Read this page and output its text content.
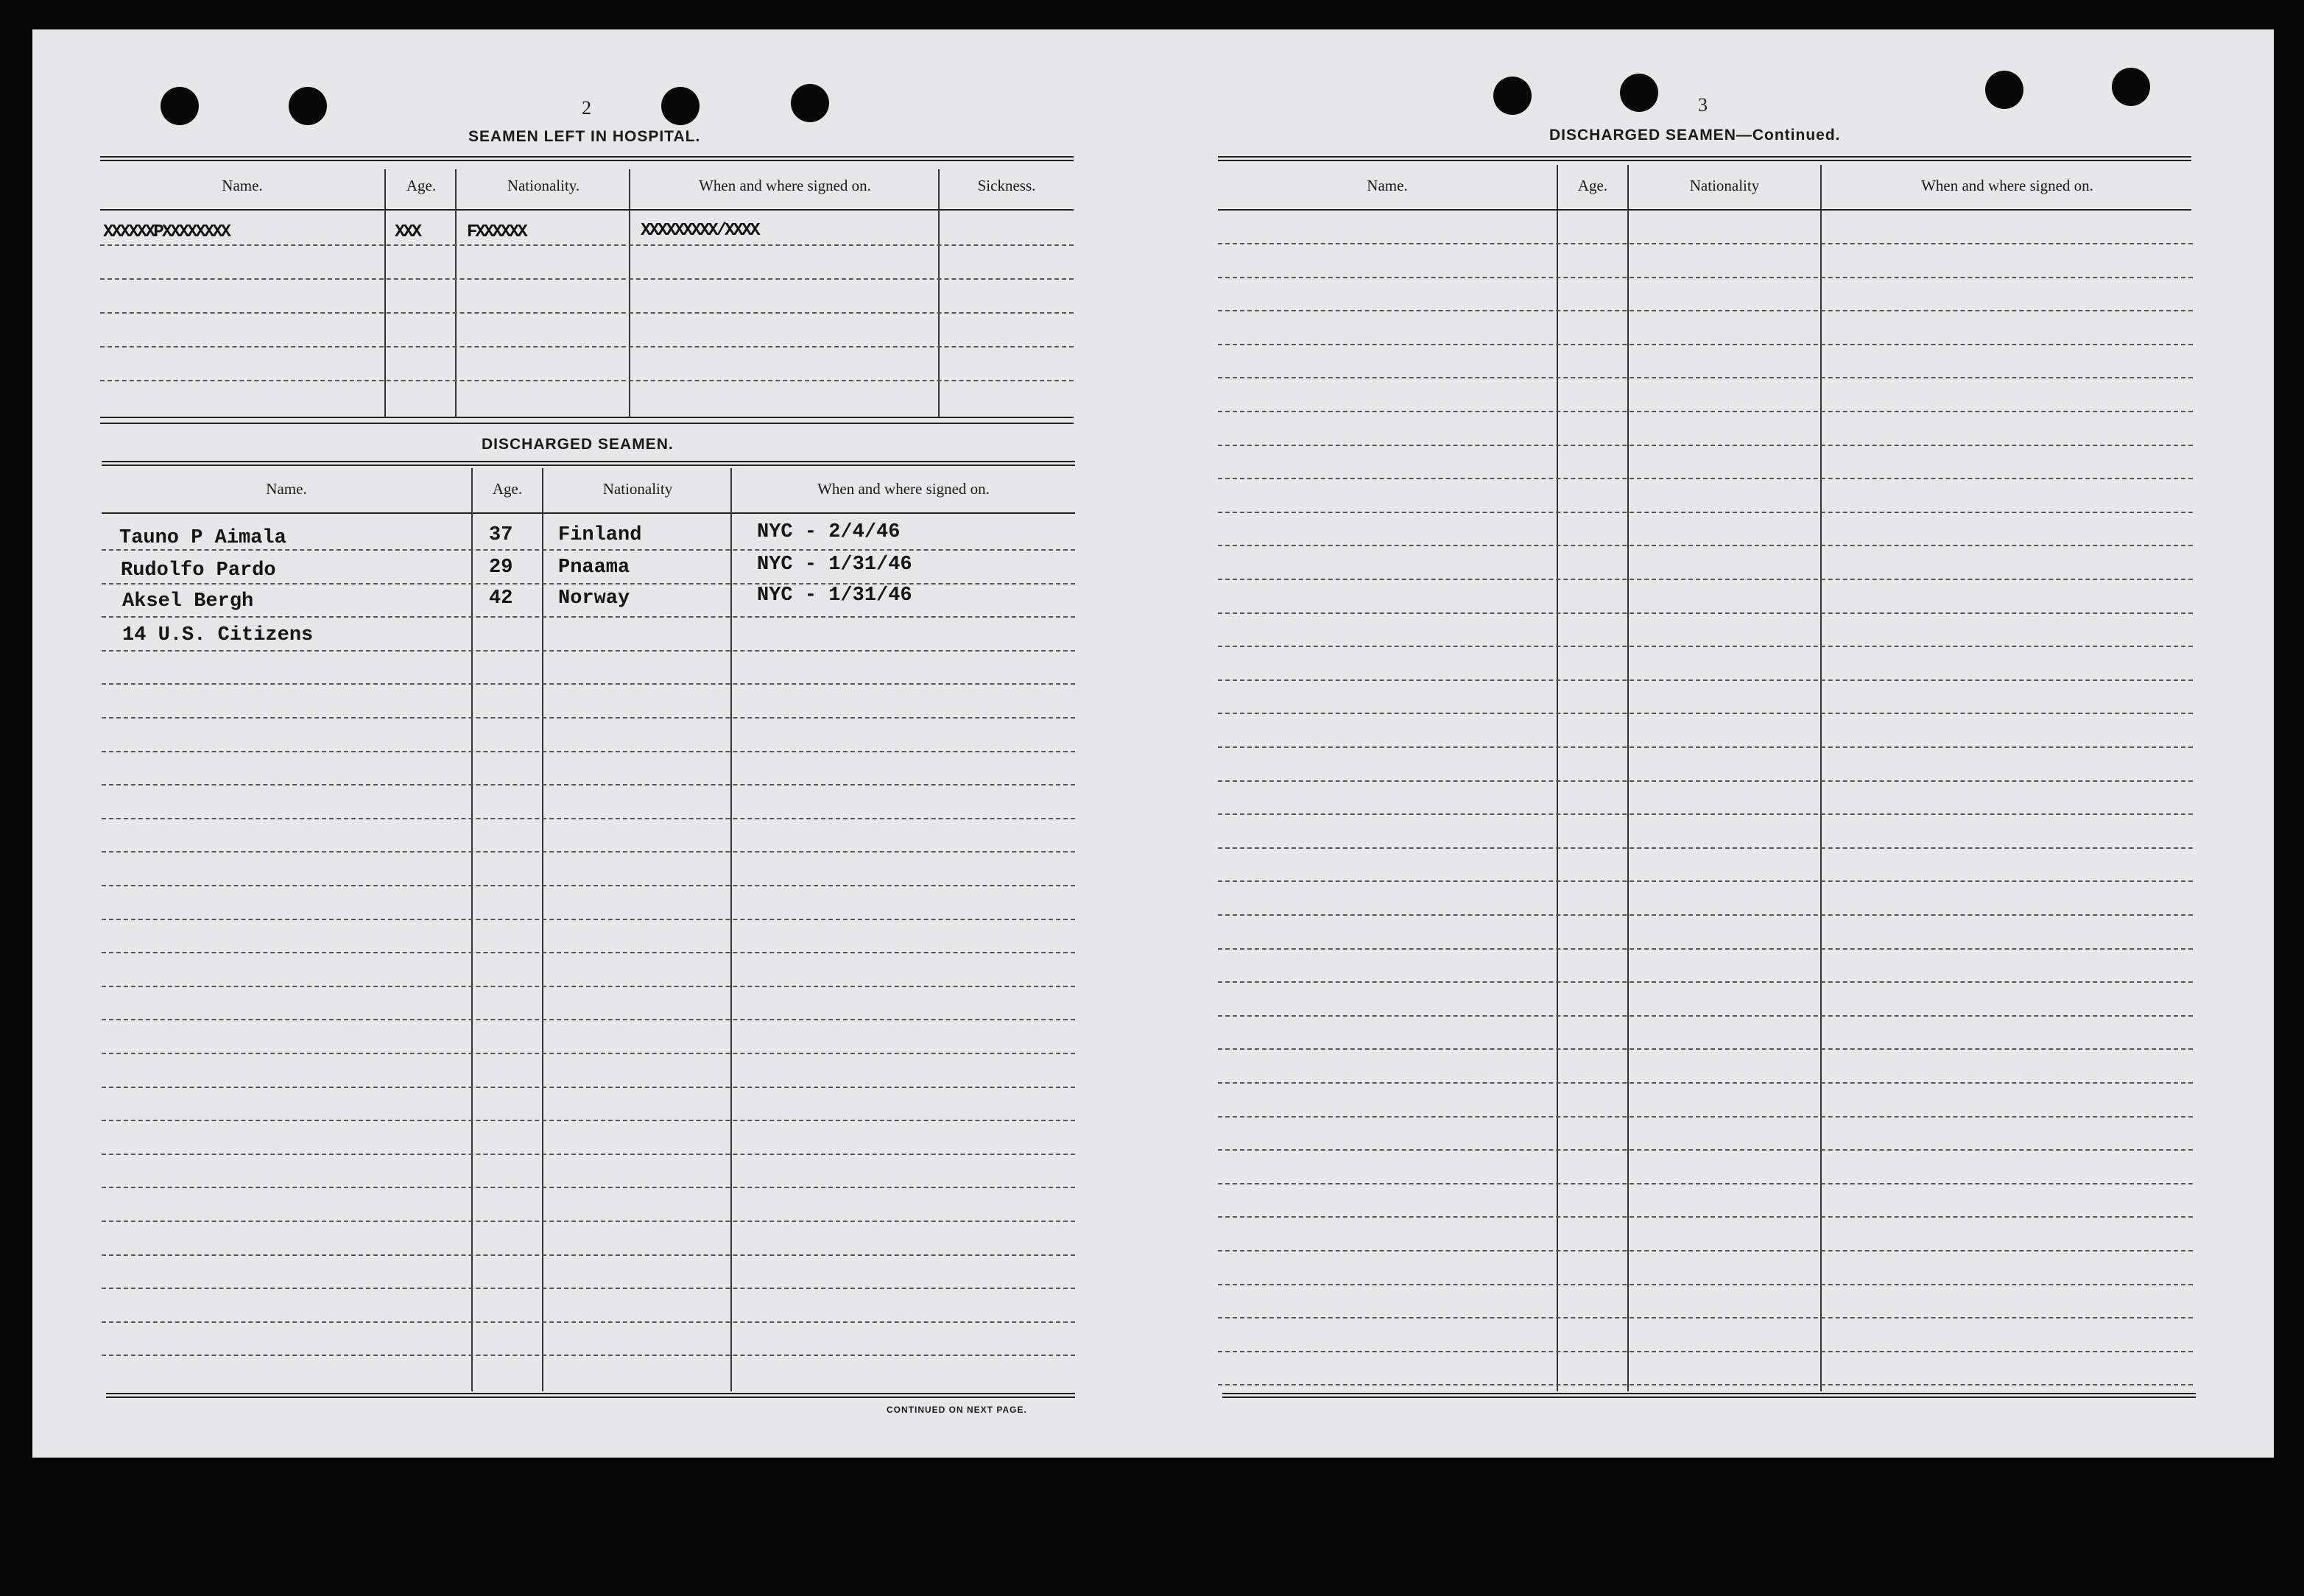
2
SEAMEN LEFT IN HOSPITAL.
Name.	Age.	Nationality.	When and where signed on.	Sickness.
XXXXXXPXXXXXXXX	XXX	FXXXXXX	XXXXXXXXX/XXXX
DISCHARGED SEAMEN.
Name.	Age.	Nationality	When and where signed on.
Tauno P Aimala	37 Finland	NYC - 2/4/46
Rudolfo Pardo	29 Pnaama	NYC - 1/31/46
Aksel Bergh	42 Norway	NYC - 1/31/46
14 U.S. Citizens
CONTINUED ON NEXT PAGE.
3
DISCHARGED SEAMEN—Continued.
Name.	Age.	Nationality	When and where signed on.
